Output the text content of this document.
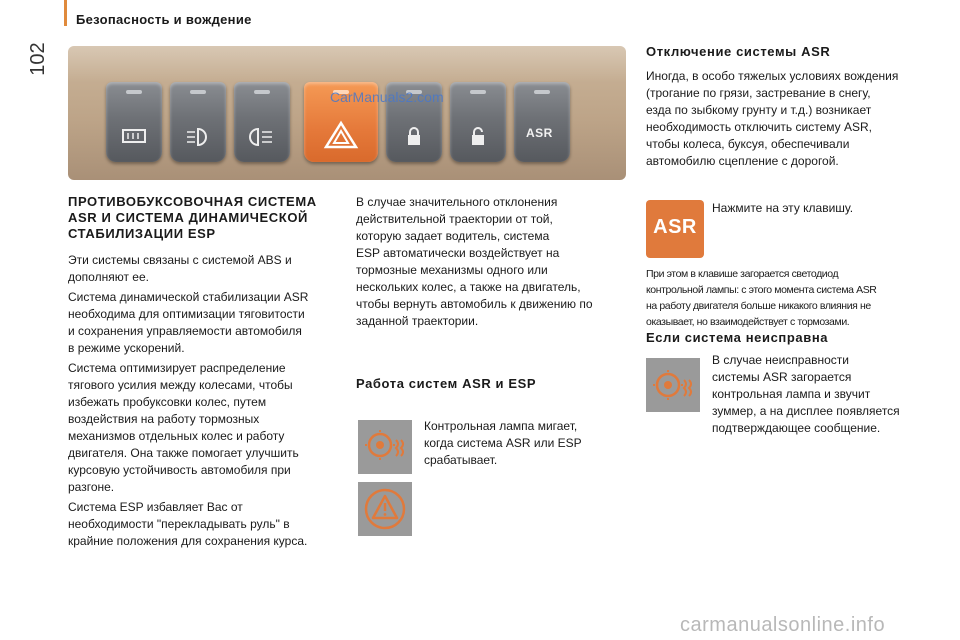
102
Безопасность и вождение
ASR
CarManuals2.com
ПРОТИВОБУКСОВОЧНАЯ СИСТЕМА
ASR И СИСТЕМА ДИНАМИЧЕСКОЙ
СТАБИЛИЗАЦИИ ESP

Эти системы связаны с системой ABS и
дополняют ее.

Система динамической стабилизации ASR
необходима для оптимизации тяговитости
и сохранения управляемости автомобиля
в режиме ускорений.

Система оптимизирует распределение
тягового усилия между колесами, чтобы
избежать пробуксовки колес, путем
воздействия на работу тормозных
механизмов отдельных колес и работу
двигателя. Она также помогает улучшить
курсовую устойчивость автомобиля при
разгоне.

Система ESP избавляет Вас от
необходимости "перекладывать руль" в
крайние положения для сохранения курса.

В случае значительного отклонения
действительной траектории от той,
которую задает водитель, система
ESP автоматически воздействует на
тормозные механизмы одного или
нескольких колес, а также на двигатель,
чтобы вернуть автомобиль к движению по
заданной траектории.
Работа систем ASR и ESP
Контрольная лампа мигает,
когда система ASR или ESP
срабатывает.
Отключение системы ASR
Иногда, в особо тяжелых условиях вождения
(трогание по грязи, застревание в снегу,
езда по зыбкому грунту и т.д.) возникает
необходимость отключить систему ASR,
чтобы колеса, буксуя, обеспечивали
автомобилю сцепление с дорогой.
ASR
Нажмите на эту клавишу.
При этом в клавише загорается светодиод
контрольной лампы: с этого момента система ASR
на работу двигателя больше никакого влияния не
оказывает, но взаимодействует с тормозами.
Если система неисправна
В случае неисправности
системы ASR загорается
контрольная лампа и звучит
зуммер, а на дисплее появляется
подтверждающее сообщение.
carmanualsonline.info
